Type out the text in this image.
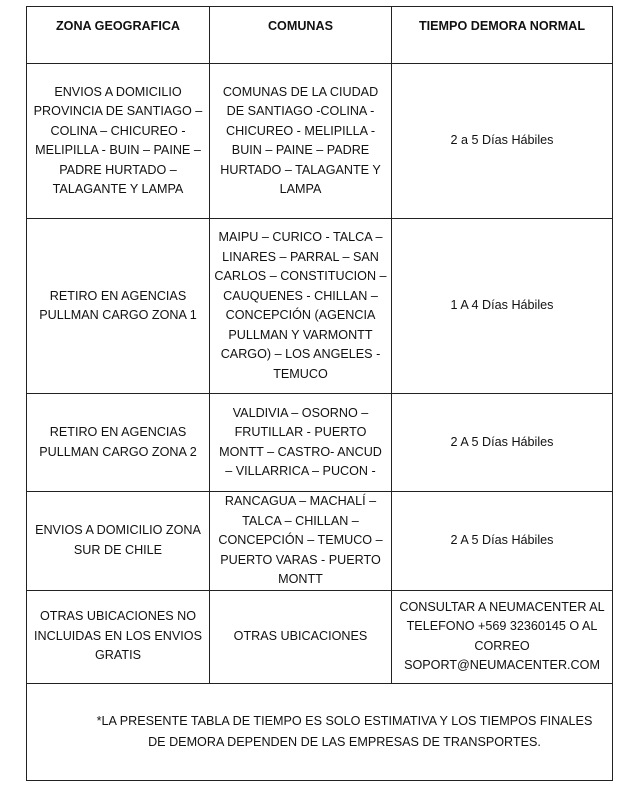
ZONA GEOGRAFICA	COMUNAS	TIEMPO DEMORA NORMAL
ENVIOS A DOMICILIO PROVINCIA DE SANTIAGO – COLINA – CHICUREO - MELIPILLA - BUIN – PAINE – PADRE HURTADO – TALAGANTE Y LAMPA	COMUNAS DE LA CIUDAD DE SANTIAGO -COLINA - CHICUREO - MELIPILLA - BUIN – PAINE – PADRE HURTADO – TALAGANTE Y LAMPA	2 a 5 Días Hábiles
RETIRO EN AGENCIAS PULLMAN CARGO ZONA 1	MAIPU – CURICO - TALCA – LINARES – PARRAL – SAN CARLOS – CONSTITUCION – CAUQUENES - CHILLAN – CONCEPCIÓN (AGENCIA PULLMAN Y VARMONTT CARGO) – LOS ANGELES - TEMUCO	1 A 4 Días Hábiles
RETIRO EN AGENCIAS PULLMAN CARGO ZONA 2	VALDIVIA – OSORNO – FRUTILLAR - PUERTO MONTT – CASTRO- ANCUD – VILLARRICA – PUCON -	2 A 5 Días Hábiles
ENVIOS A DOMICILIO ZONA SUR DE CHILE	RANCAGUA – MACHALÍ – TALCA – CHILLAN – CONCEPCIÓN – TEMUCO – PUERTO VARAS - PUERTO MONTT	2 A 5 Días Hábiles
OTRAS UBICACIONES NO INCLUIDAS EN LOS ENVIOS GRATIS	OTRAS UBICACIONES	CONSULTAR A NEUMACENTER AL TELEFONO +569 32360145 O AL CORREO SOPORT@NEUMACENTER.COM

*LA PRESENTE TABLA DE TIEMPO ES SOLO ESTIMATIVA Y LOS TIEMPOS FINALES DE DEMORA DEPENDEN DE LAS EMPRESAS DE TRANSPORTES.		
